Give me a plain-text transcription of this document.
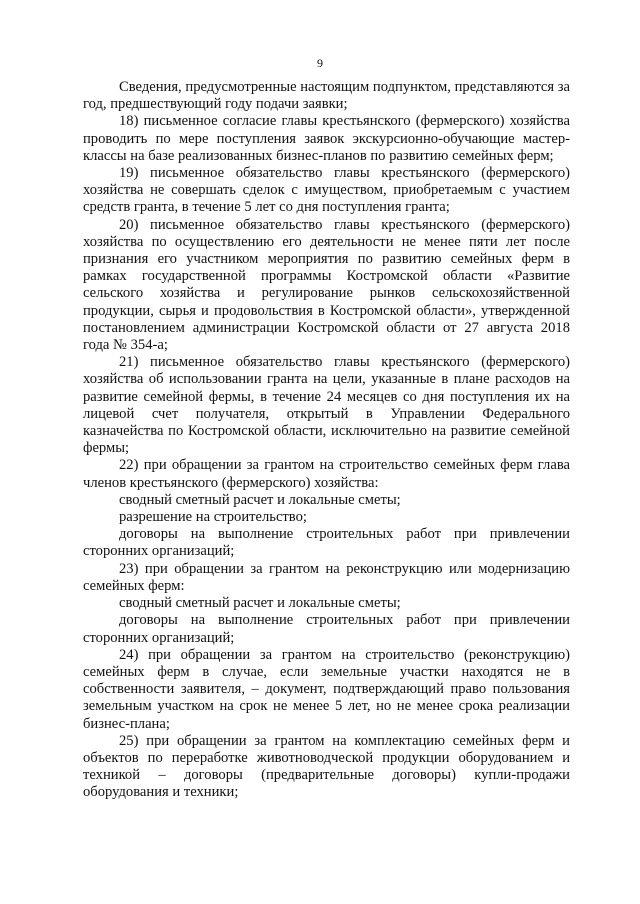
9

Сведения, предусмотренные настоящим подпунктом, представляются за год, предшествующий году подачи заявки;

18) письменное согласие главы крестьянского (фермерского) хозяйства проводить по мере поступления заявок экскурсионно-обучающие мастер-классы на базе реализованных бизнес-планов по развитию семейных ферм;

19) письменное обязательство главы крестьянского (фермерского) хозяйства не совершать сделок с имуществом, приобретаемым с участием средств гранта, в течение 5 лет со дня поступления гранта;

20) письменное обязательство главы крестьянского (фермерского) хозяйства по осуществлению его деятельности не менее пяти лет после признания его участником мероприятия по развитию семейных ферм в рамках государственной программы Костромской области «Развитие сельского хозяйства и регулирование рынков сельскохозяйственной продукции, сырья и продовольствия в Костромской области», утвержденной постановлением администрации Костромской области от 27 августа 2018 года № 354-а;

21) письменное обязательство главы крестьянского (фермерского) хозяйства об использовании гранта на цели, указанные в плане расходов на развитие семейной фермы, в течение 24 месяцев со дня поступления их на лицевой счет получателя, открытый в Управлении Федерального казначейства по Костромской области, исключительно на развитие семейной фермы;

22) при обращении за грантом на строительство семейных ферм глава членов крестьянского (фермерского) хозяйства:

сводный сметный расчет и локальные сметы;

разрешение на строительство;

договоры на выполнение строительных работ при привлечении сторонних организаций;

23) при обращении за грантом на реконструкцию или модернизацию семейных ферм:

сводный сметный расчет и локальные сметы;

договоры на выполнение строительных работ при привлечении сторонних организаций;

24) при обращении за грантом на строительство (реконструкцию) семейных ферм в случае, если земельные участки находятся не в собственности заявителя, – документ, подтверждающий право пользования земельным участком на срок не менее 5 лет, но не менее срока реализации бизнес-плана;

25) при обращении за грантом на комплектацию семейных ферм и объектов по переработке животноводческой продукции оборудованием и техникой – договоры (предварительные договоры) купли-продажи оборудования и техники;
